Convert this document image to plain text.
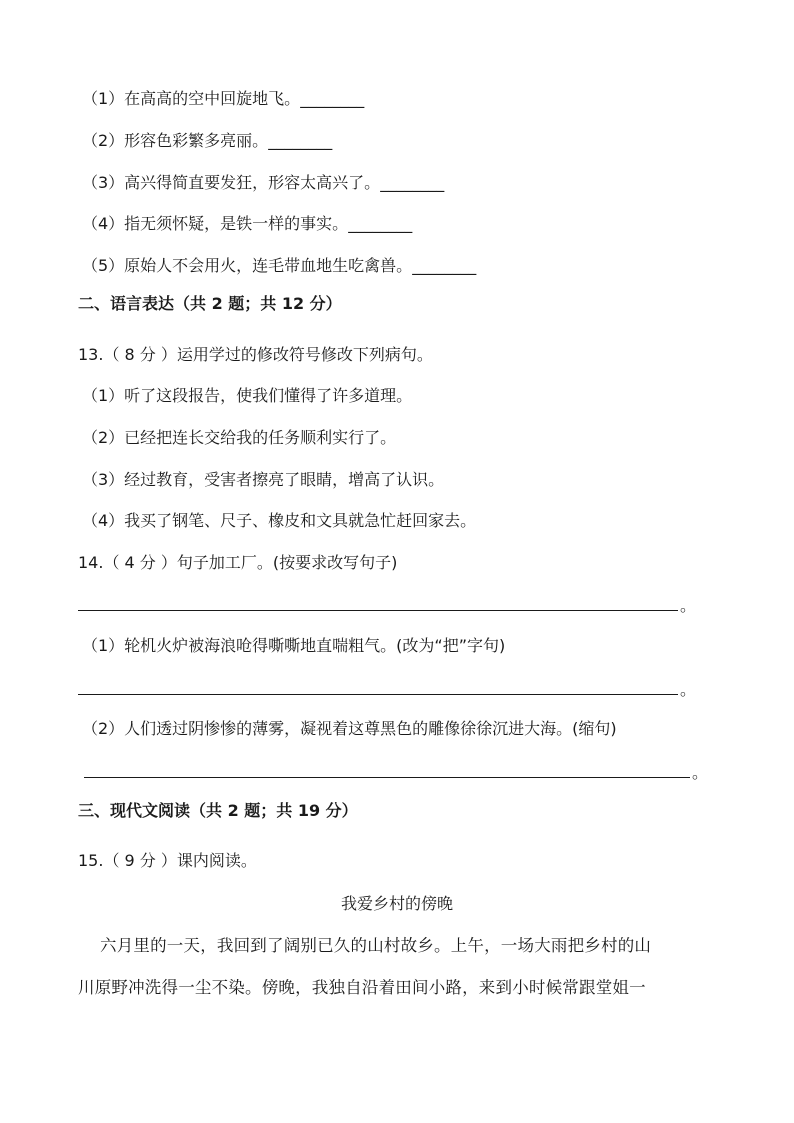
（1）在高高的空中回旋地飞。________
（2）形容色彩繁多亮丽。________
（3）高兴得简直要发狂，形容太高兴了。________
（4）指无须怀疑，是铁一样的事实。________
（5）原始人不会用火，连毛带血地生吃禽兽。________
二、语言表达（共 2 题；共 12 分）
13.（ 8 分 ）运用学过的修改符号修改下列病句。
（1）听了这段报告，使我们懂得了许多道理。
（2）已经把连长交给我的任务顺利实行了。
（3）经过教育，受害者擦亮了眼睛，增高了认识。
（4）我买了钢笔、尺子、橡皮和文具就急忙赶回家去。
14.（ 4 分 ）句子加工厂。(按要求改写句子)
。
（1）轮机火炉被海浪呛得嘶嘶地直喘粗气。(改为“把”字句)
。
（2）人们透过阴惨惨的薄雾，凝视着这尊黑色的雕像徐徐沉进大海。(缩句)
。
三、现代文阅读（共 2 题；共 19 分）
15.（ 9 分 ）课内阅读。
我爱乡村的傍晚
六月里的一天，我回到了阔别已久的山村故乡。上午，一场大雨把乡村的山
川原野冲洗得一尘不染。傍晚，我独自沿着田间小路，来到小时候常跟堂姐一
